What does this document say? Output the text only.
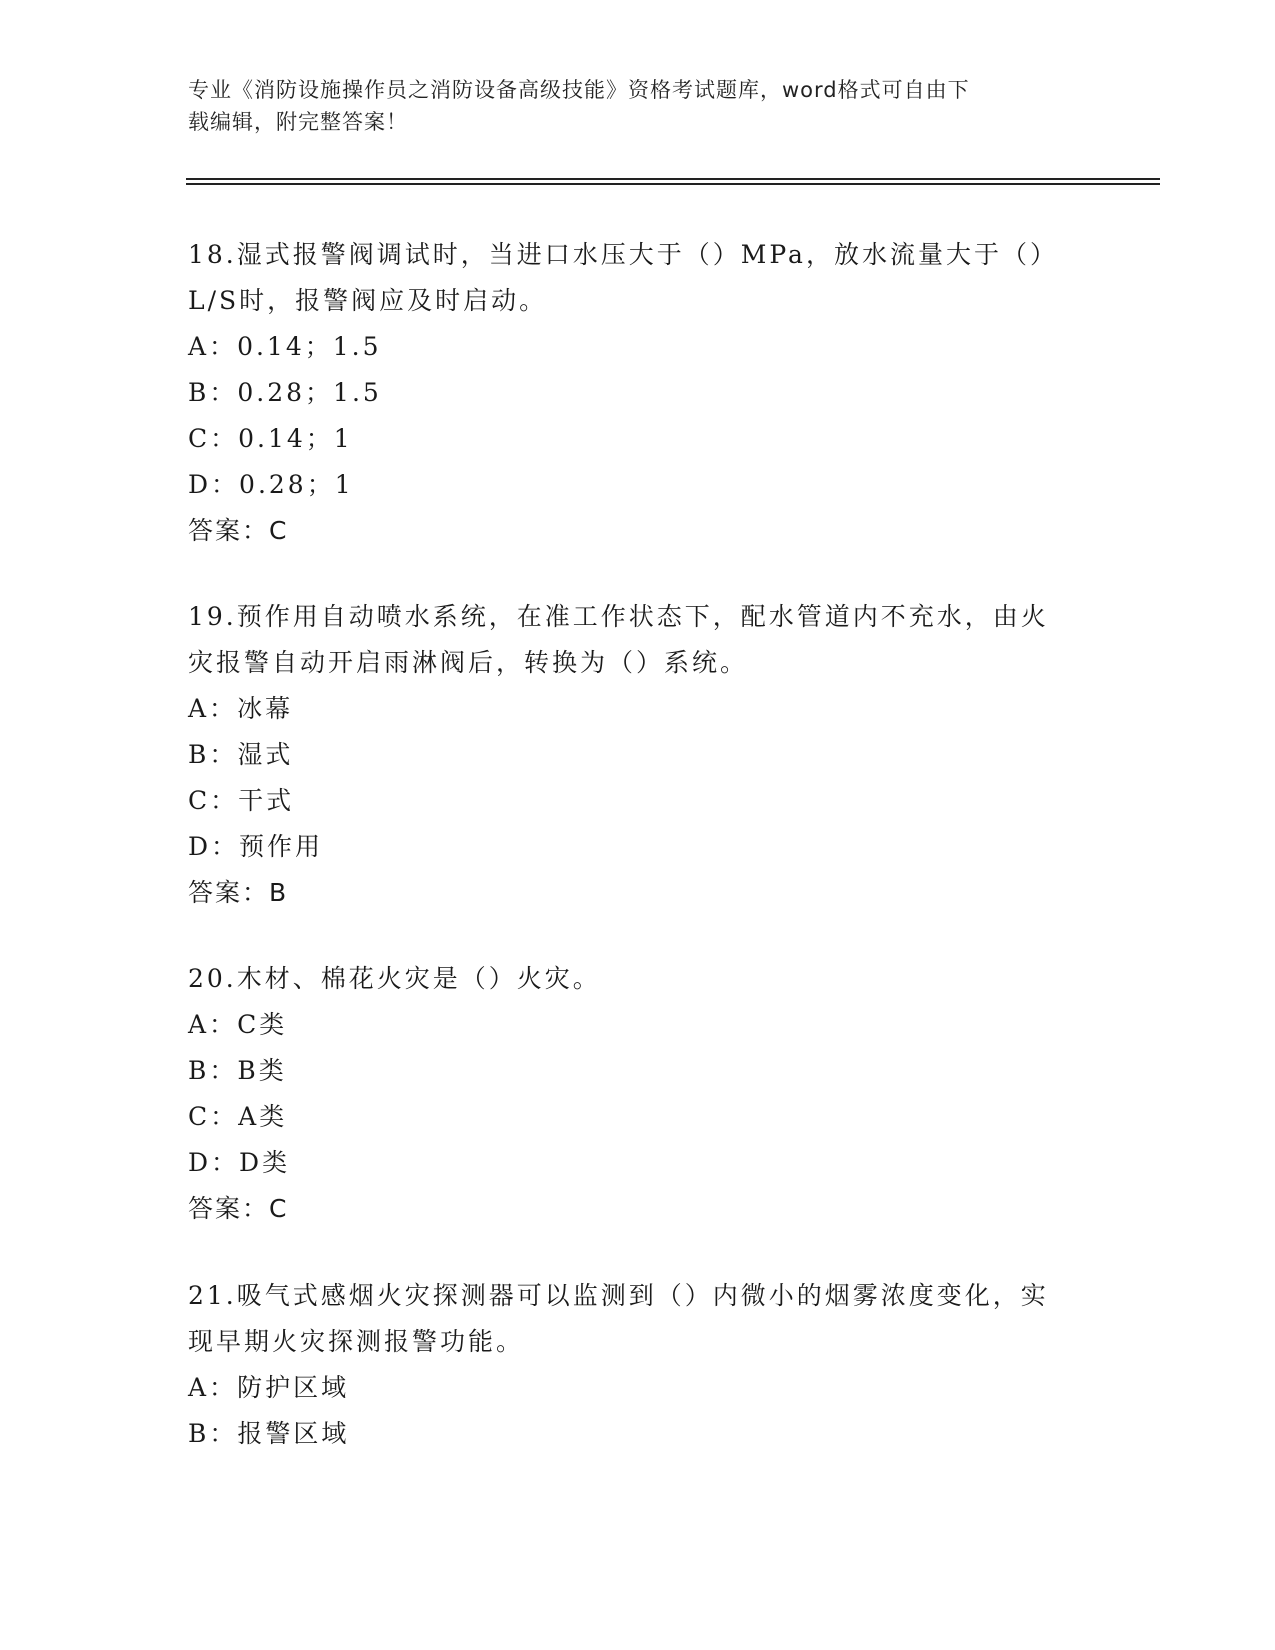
专业《消防设施操作员之消防设备高级技能》资格考试题库，word格式可自由下
载编辑，附完整答案！

18.湿式报警阀调试时，当进口水压大于（）MPa，放水流量大于（）

L/S时，报警阀应及时启动。

A：0.14；1.5

B：0.28；1.5

C：0.14；1

D：0.28；1

答案：C

19.预作用自动喷水系统，在准工作状态下，配水管道内不充水，由火

灾报警自动开启雨淋阀后，转换为（）系统。

A：冰幕

B：湿式

C：干式

D：预作用

答案：B

20.木材、棉花火灾是（）火灾。

A：C类

B：B类

C：A类

D：D类

答案：C

21.吸气式感烟火灾探测器可以监测到（）内微小的烟雾浓度变化，实

现早期火灾探测报警功能。

A：防护区域

B：报警区域
